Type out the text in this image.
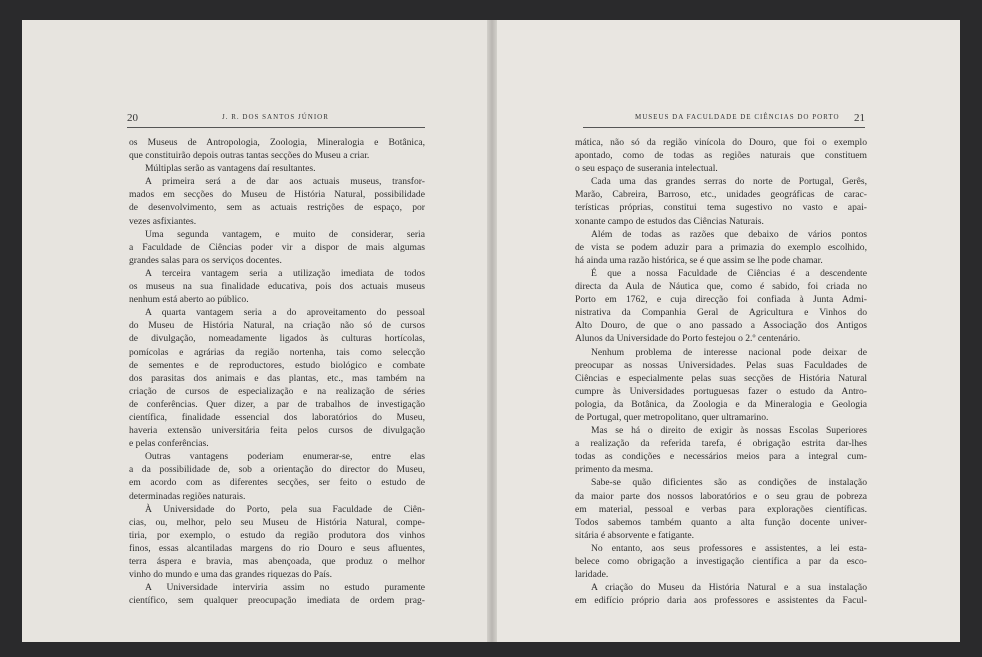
20	J. R. DOS SANTOS JÚNIOR
os Museus de Antropologia, Zoologia, Mineralogia e Botânica,
que constituirão depois outras tantas secções do Museu a criar.
Múltiplas serão as vantagens daí resultantes.
A primeira será a de dar aos actuais museus, transfor-
mados em secções do Museu de História Natural, possibilidade
de desenvolvimento, sem as actuais restrições de espaço, por
vezes asfixiantes.
Uma segunda vantagem, e muito de considerar, seria
a Faculdade de Ciências poder vir a dispor de mais algumas
grandes salas para os serviços docentes.
A terceira vantagem seria a utilização imediata de todos
os museus na sua finalidade educativa, pois dos actuais museus
nenhum está aberto ao público.
A quarta vantagem seria a do aproveitamento do pessoal
do Museu de História Natural, na criação não só de cursos
de divulgação, nomeadamente ligados às culturas hortícolas,
pomícolas e agrárias da região nortenha, tais como selecção
de sementes e de reproductores, estudo biológico e combate
dos parasitas dos animais e das plantas, etc., mas também na
criação de cursos de especialização e na realização de séries
de conferências. Quer dizer, a par de trabalhos de investigação
científica, finalidade essencial dos laboratórios do Museu,
haveria extensão universitária feita pelos cursos de divulgação
e pelas conferências.
Outras vantagens poderiam enumerar-se, entre elas
a da possibilidade de, sob a orientação do director do Museu,
em acordo com as diferentes secções, ser feito o estudo de
determinadas regiões naturais.
À Universidade do Porto, pela sua Faculdade de Ciên-
cias, ou, melhor, pelo seu Museu de História Natural, compe-
tiria, por exemplo, o estudo da região produtora dos vinhos
finos, essas alcantiladas margens do rio Douro e seus afluentes,
terra áspera e bravia, mas abençoada, que produz o melhor
vinho do mundo e uma das grandes riquezas do País.
A Universidade interviria assim no estudo puramente
científico, sem qualquer preocupação imediata de ordem prag-
MUSEUS DA FACULDADE DE CIÊNCIAS DO PORTO 21
mática, não só da região vinícola do Douro, que foi o exemplo
apontado, como de todas as regiões naturais que constituem
o seu espaço de suserania intelectual.
Cada uma das grandes serras do norte de Portugal, Gerês,
Marão, Cabreira, Barroso, etc., unidades geográficas de carac-
terísticas próprias, constitui tema sugestivo no vasto e apai-
xonante campo de estudos das Ciências Naturais.
Além de todas as razões que debaixo de vários pontos
de vista se podem aduzir para a primazia do exemplo escolhido,
há ainda uma razão histórica, se é que assim se lhe pode chamar.
É que a nossa Faculdade de Ciências é a descendente
directa da Aula de Náutica que, como é sabido, foi criada no
Porto em 1762, e cuja direcção foi confiada à Junta Admi-
nistrativa da Companhia Geral de Agricultura e Vinhos do
Alto Douro, de que o ano passado a Associação dos Antigos
Alunos da Universidade do Porto festejou o 2.º centenário.
Nenhum problema de interesse nacional pode deixar de
preocupar as nossas Universidades. Pelas suas Faculdades de
Ciências e especialmente pelas suas secções de História Natural
cumpre às Universidades portuguesas fazer o estudo da Antro-
pologia, da Botânica, da Zoologia e da Mineralogia e Geologia
de Portugal, quer metropolitano, quer ultramarino.
Mas se há o direito de exigir às nossas Escolas Superiores
a realização da referida tarefa, é obrigação estrita dar-lhes
todas as condições e necessários meios para a integral cum-
primento da mesma.
Sabe-se quão dificientes são as condições de instalação
da maior parte dos nossos laboratórios e o seu grau de pobreza
em material, pessoal e verbas para explorações científicas.
Todos sabemos também quanto a alta função docente univer-
sitária é absorvente e fatigante.
No entanto, aos seus professores e assistentes, a lei esta-
belece como obrigação a investigação científica a par da esco-
laridade.
A criação do Museu da História Natural e a sua instalação
em edifício próprio daria aos professores e assistentes da Facul-
